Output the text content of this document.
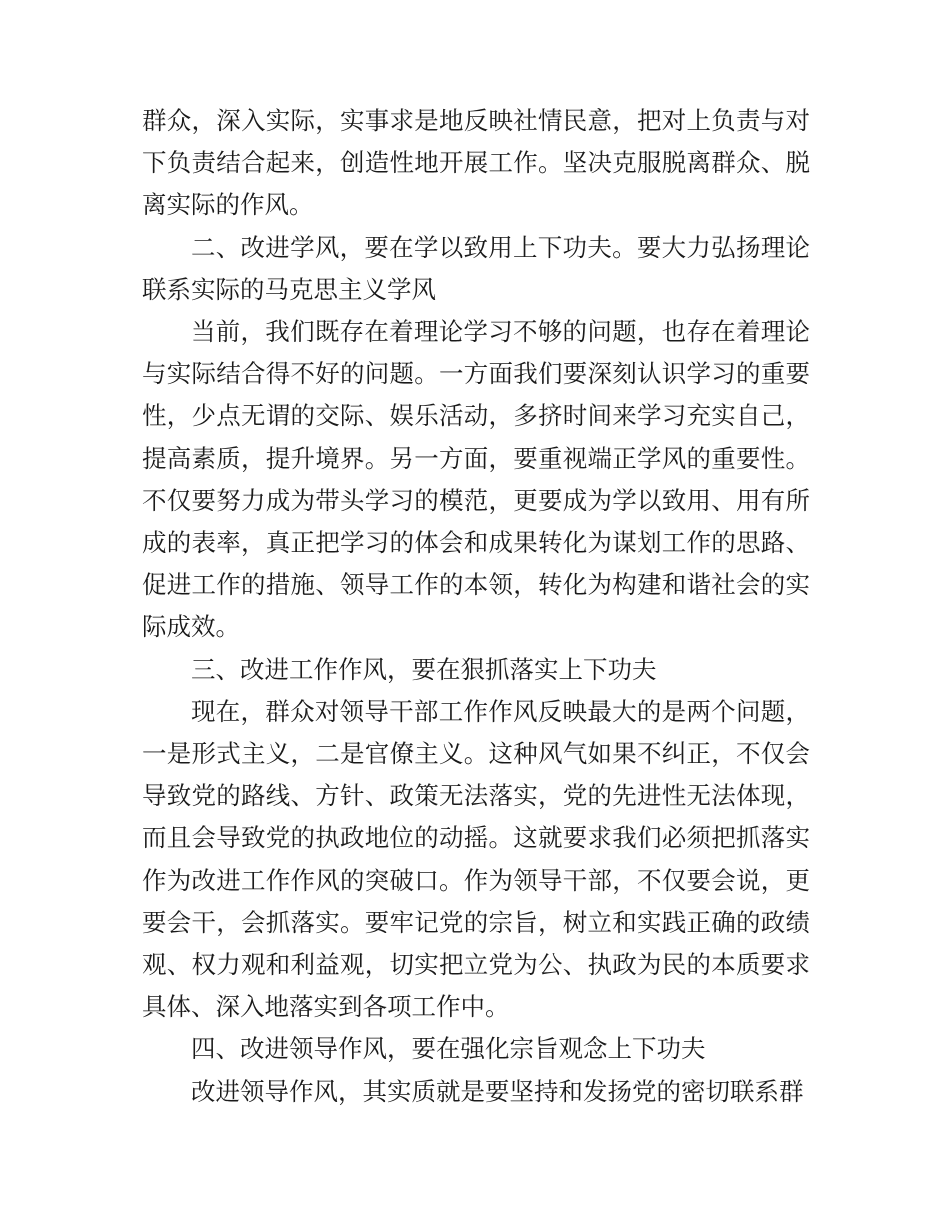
群众，深入实际，实事求是地反映社情民意，把对上负责与对下负责结合起来，创造性地开展工作。坚决克服脱离群众、脱离实际的作风。

二、改进学风，要在学以致用上下功夫。要大力弘扬理论联系实际的马克思主义学风

当前，我们既存在着理论学习不够的问题，也存在着理论与实际结合得不好的问题。一方面我们要深刻认识学习的重要性，少点无谓的交际、娱乐活动，多挤时间来学习充实自己，提高素质，提升境界。另一方面，要重视端正学风的重要性。不仅要努力成为带头学习的模范，更要成为学以致用、用有所成的表率，真正把学习的体会和成果转化为谋划工作的思路、促进工作的措施、领导工作的本领，转化为构建和谐社会的实际成效。

三、改进工作作风，要在狠抓落实上下功夫

现在，群众对领导干部工作作风反映最大的是两个问题，一是形式主义，二是官僚主义。这种风气如果不纠正，不仅会导致党的路线、方针、政策无法落实，党的先进性无法体现，而且会导致党的执政地位的动摇。这就要求我们必须把抓落实作为改进工作作风的突破口。作为领导干部，不仅要会说，更要会干，会抓落实。要牢记党的宗旨，树立和实践正确的政绩观、权力观和利益观，切实把立党为公、执政为民的本质要求具体、深入地落实到各项工作中。

四、改进领导作风，要在强化宗旨观念上下功夫

改进领导作风，其实质就是要坚持和发扬党的密切联系群
